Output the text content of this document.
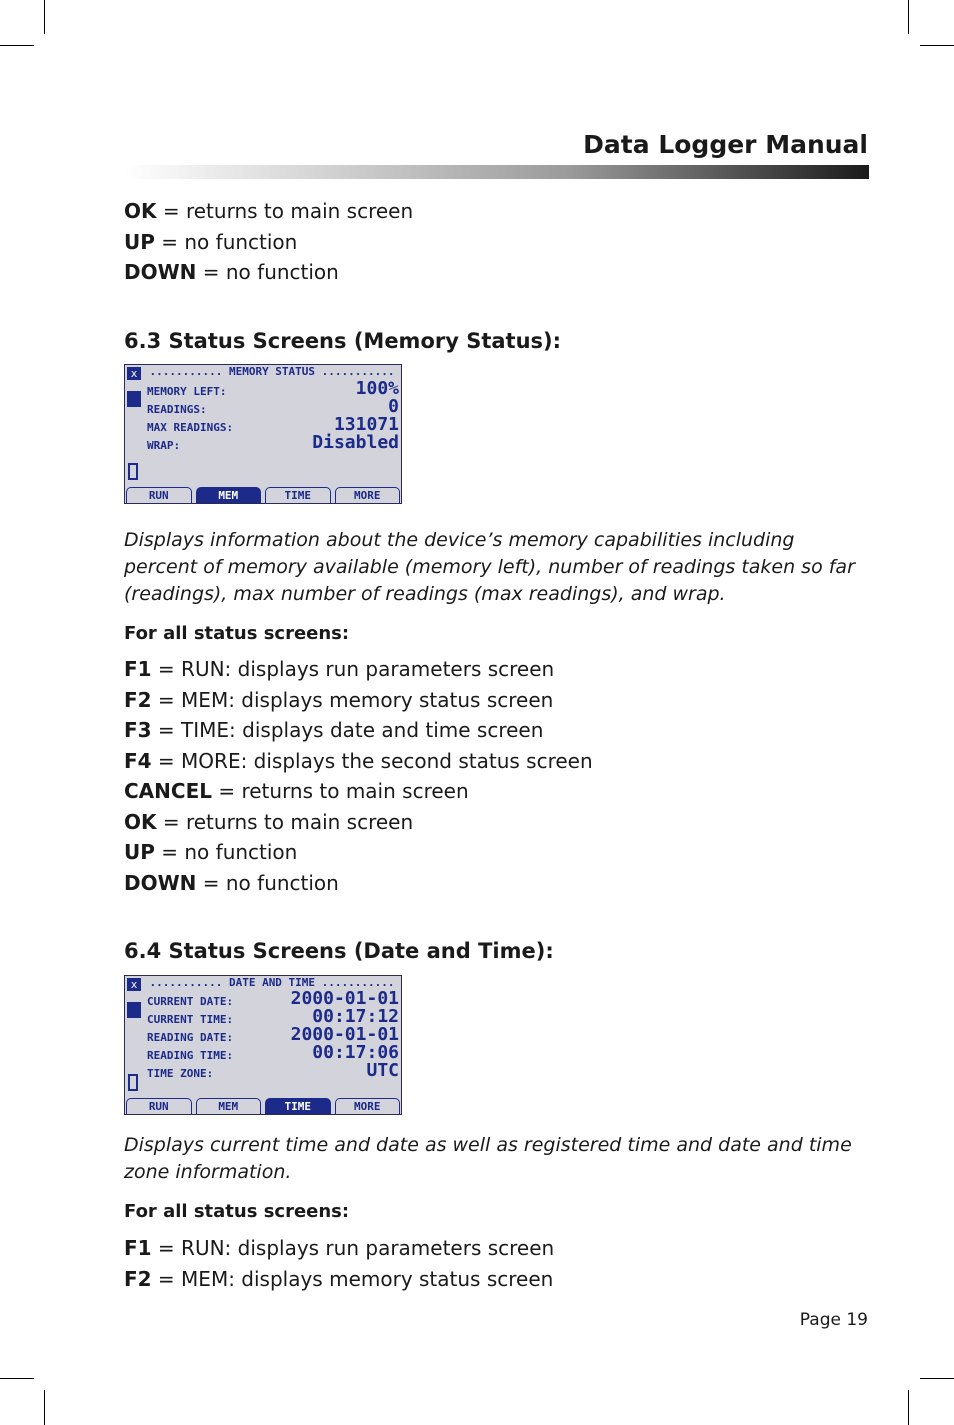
Data Logger Manual
OK = returns to main screen
UP = no function
DOWN = no function
6.3 Status Screens (Memory Status):
x	..... MEMORY STATUS .....
MEMORY LEFT:	100%
READINGS:	0
MAX READINGS:	131071
WRAP:	Disabled
RUN	MEM	TIME	MORE
Displays information about the device’s memory capabilities including percent of memory available (memory left), number of readings taken so far (readings), max number of readings (max readings), and wrap.
For all status screens:
F1 = RUN: displays run parameters screen
F2 = MEM: displays memory status screen
F3 = TIME: displays date and time screen
F4 = MORE: displays the second status screen
CANCEL = returns to main screen
OK = returns to main screen
UP = no function
DOWN = no function
6.4 Status Screens (Date and Time):
x	..... DATE AND TIME .....
CURRENT DATE:	2000-01-01
CURRENT TIME:	00:17:12
READING DATE:	2000-01-01
READING TIME:	00:17:06
TIME ZONE:	UTC
RUN	MEM	TIME	MORE
Displays current time and date as well as registered time and date and time zone information.
For all status screens:
F1 = RUN: displays run parameters screen
F2 = MEM: displays memory status screen
Page 19
